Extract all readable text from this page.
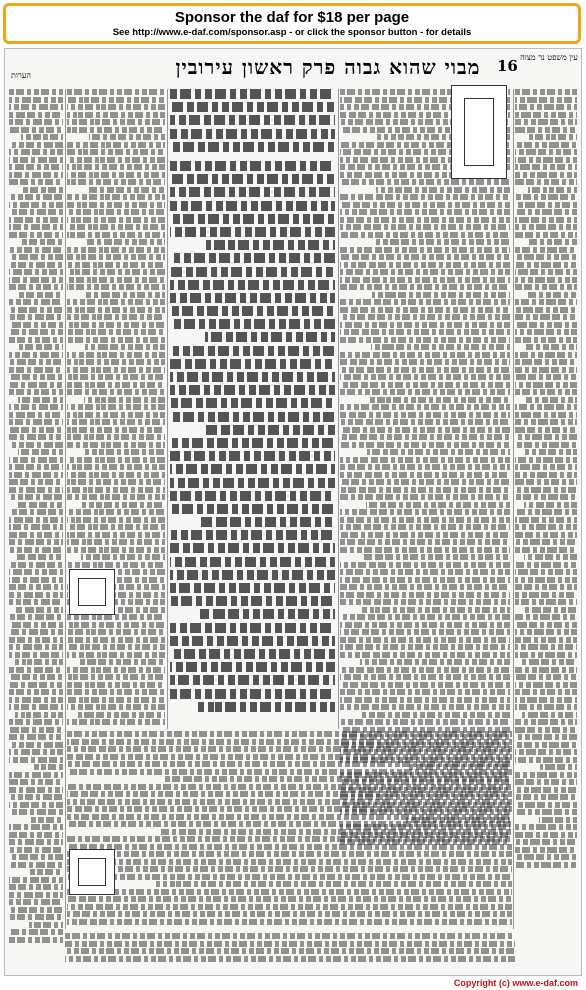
Sponsor the daf for $18 per page
See http://www.e-daf.com/sponsor.asp - or click the sponsor button - for details
עין משפט נר מצוה
16
מבוי שהוא גבוה פרק ראשון עירובין
הערות
Copyright (c) www.e-daf.com
